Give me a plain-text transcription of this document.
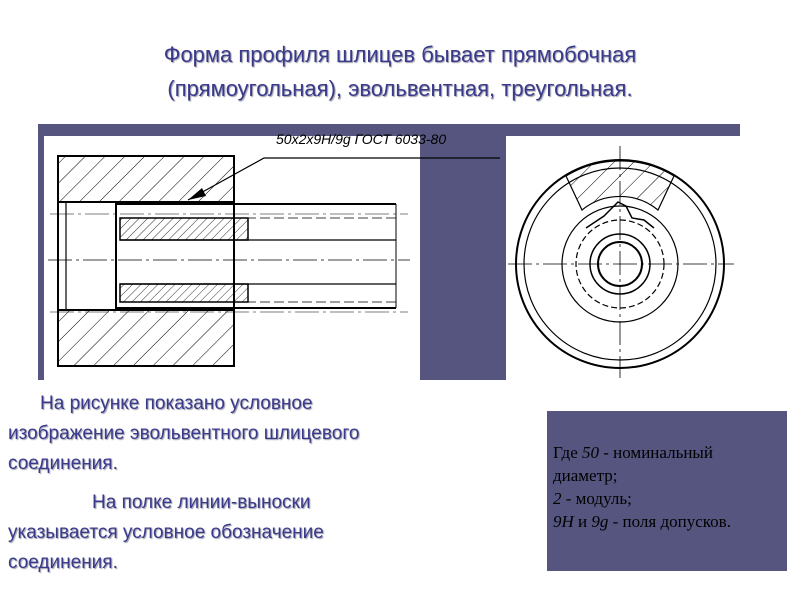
Форма профиля шлицев бывает прямобочная
(прямоугольная), эвольвентная, треугольная.
50x2x9H/9g ГОСТ 6033-80

На рисунке показано условное

изображение эвольвентного шлицевого

соединения.

На полке линии-выноски

указывается условное обозначение

соединения.

Где 50 - номинальный
диаметр;
2 - модуль;
9H и 9g - поля допусков.
